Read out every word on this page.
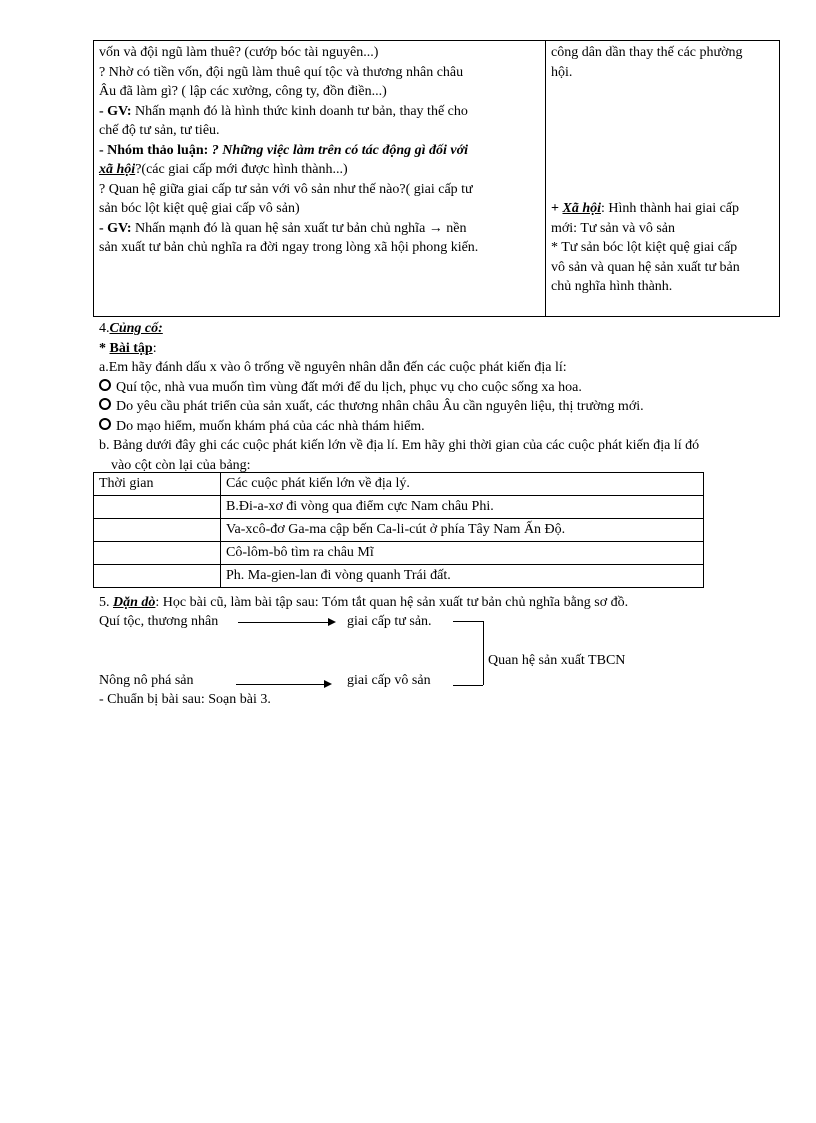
vốn và đội ngũ làm thuê? (cướp bóc tài nguyên...)
? Nhờ có tiền vốn, đội ngũ làm thuê quí tộc và thương nhân châu
Âu đã làm gì? ( lập các xưởng, công ty, đồn điền...)
- GV: Nhấn mạnh đó là hình thức kinh doanh tư bản, thay thế cho
chế độ tư sản, tư tiêu.
- Nhóm thảo luận: ? Những việc làm trên có tác động gì đối với
xã hội?(các giai cấp mới được hình thành...)
? Quan hệ giữa giai cấp tư sản với vô sản như thế nào?( giai cấp tư
sản bóc lột kiệt quệ giai cấp vô sản)
- GV: Nhấn mạnh đó là quan hệ sản xuất tư bản chủ nghĩa → nền
sản xuất tư bản chủ nghĩa ra đời ngay trong lòng xã hội phong kiến.
công dân dần thay thế các phường
hội.
+ Xã hội: Hình thành hai giai cấp
mới: Tư sản và vô sản
* Tư sản bóc lột kiệt quệ giai cấp
vô sản và quan hệ sản xuất tư bản
chủ nghĩa hình thành.
4.Củng cố:
* Bài tập:
a.Em hãy đánh dấu x vào ô trống về nguyên nhân dẫn đến các cuộc phát kiến địa lí:
Quí tộc, nhà vua muốn tìm vùng đất mới để du lịch, phục vụ cho cuộc sống xa hoa.
Do yêu cầu phát triển của sản xuất, các thương nhân châu Âu cần nguyên liệu, thị trường mới.
Do mạo hiểm, muốn khám phá của các nhà thám hiểm.
b. Bảng dưới đây ghi các cuộc phát kiến lớn về địa lí. Em hãy ghi thời gian của các cuộc phát kiến địa lí đó
vào cột còn lại của bảng:
Thời gian	Các cuộc phát kiến lớn về địa lý.
	B.Đi-a-xơ đi vòng qua điểm cực Nam châu Phi.
	Va-xcô-đơ Ga-ma cập bến Ca-li-cút ở phía Tây Nam Ấn Độ.
	Cô-lôm-bô tìm ra châu Mĩ
	Ph. Ma-gien-lan đi vòng quanh Trái đất.
5. Dặn dò: Học bài cũ, làm bài tập sau: Tóm tắt quan hệ sản xuất tư bản chủ nghĩa bằng sơ đồ.
Quí tộc, thương nhân	giai cấp tư sản.
Quan hệ sản xuất TBCN
Nông nô phá sản	giai cấp vô sản
- Chuẩn bị bài sau: Soạn bài 3.
